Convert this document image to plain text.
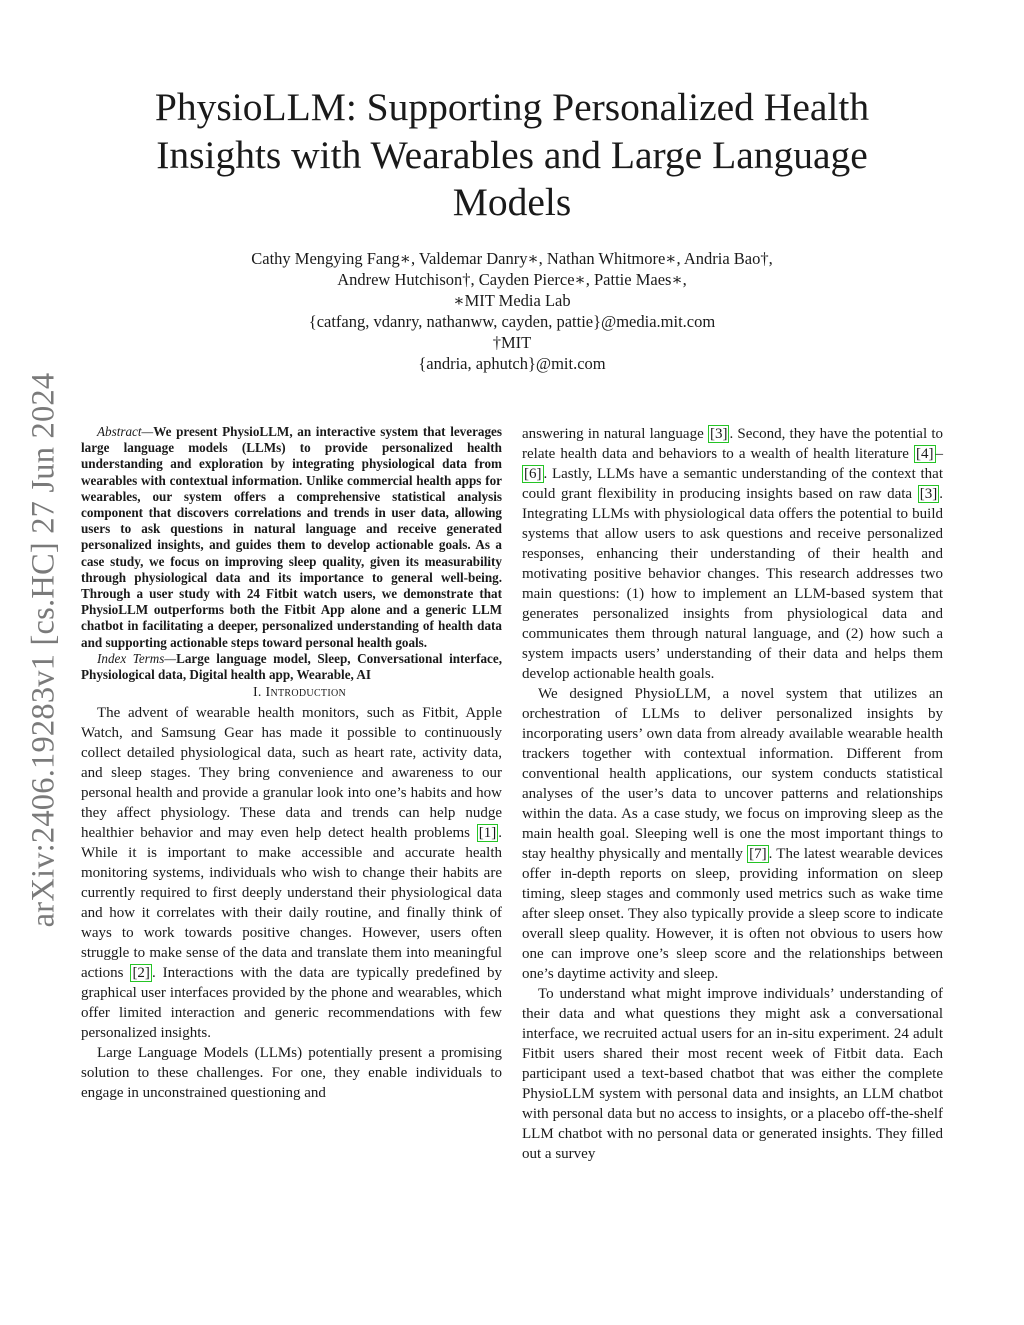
arXiv:2406.19283v1 [cs.HC] 27 Jun 2024
PhysioLLM: Supporting Personalized Health Insights with Wearables and Large Language Models
Cathy Mengying Fang∗, Valdemar Danry∗, Nathan Whitmore∗, Andria Bao†,
Andrew Hutchison†, Cayden Pierce∗, Pattie Maes∗,
∗MIT Media Lab
{catfang, vdanry, nathanww, cayden, pattie}@media.mit.com
†MIT
{andria, aphutch}@mit.com

Abstract—We present PhysioLLM, an interactive system that leverages large language models (LLMs) to provide personalized health understanding and exploration by integrating physiological data from wearables with contextual information. Unlike commercial health apps for wearables, our system offers a comprehensive statistical analysis component that discovers correlations and trends in user data, allowing users to ask questions in natural language and receive generated personalized insights, and guides them to develop actionable goals. As a case study, we focus on improving sleep quality, given its measurability through physiological data and its importance to general well-being. Through a user study with 24 Fitbit watch users, we demonstrate that PhysioLLM outperforms both the Fitbit App alone and a generic LLM chatbot in facilitating a deeper, personalized understanding of health data and supporting actionable steps toward personal health goals.

Index Terms—Large language model, Sleep, Conversational interface, Physiological data, Digital health app, Wearable, AI

I. Introduction

The advent of wearable health monitors, such as Fitbit, Apple Watch, and Samsung Gear has made it possible to continuously collect detailed physiological data, such as heart rate, activity data, and sleep stages. They bring convenience and awareness to our personal health and provide a granular look into one’s habits and how they affect physiology. These data and trends can help nudge healthier behavior and may even help detect health problems [1] . While it is important to make accessible and accurate health monitoring systems, individuals who wish to change their habits are currently required to first deeply understand their physiological data and how it correlates with their daily routine, and finally think of ways to work towards positive changes. However, users often struggle to make sense of the data and translate them into meaningful actions [2] . Interactions with the data are typically predefined by graphical user interfaces provided by the phone and wearables, which offer limited interaction and generic recommendations with few personalized insights.

Large Language Models (LLMs) potentially present a promising solution to these challenges. For one, they enable individuals to engage in unconstrained questioning and

answering in natural language [3] . Second, they have the potential to relate health data and behaviors to a wealth of health literature [4] –[6] . Lastly, LLMs have a semantic understanding of the context that could grant flexibility in producing insights based on raw data [3] . Integrating LLMs with physiological data offers the potential to build systems that allow users to ask questions and receive personalized responses, enhancing their understanding of their health and motivating positive behavior changes. This research addresses two main questions: (1) how to implement an LLM-based system that generates personalized insights from physiological data and communicates them through natural language, and (2) how such a system impacts users’ understanding of their data and helps them develop actionable health goals.

We designed PhysioLLM, a novel system that utilizes an orchestration of LLMs to deliver personalized insights by incorporating users’ own data from already available wearable health trackers together with contextual information. Different from conventional health applications, our system conducts statistical analyses of the user’s data to uncover patterns and relationships within the data. As a case study, we focus on improving sleep as the main health goal. Sleeping well is one the most important things to stay healthy physically and mentally [7] . The latest wearable devices offer in-depth reports on sleep, providing information on sleep timing, sleep stages and commonly used metrics such as wake time after sleep onset. They also typically provide a sleep score to indicate overall sleep quality. However, it is often not obvious to users how one can improve one’s sleep score and the relationships between one’s daytime activity and sleep.

To understand what might improve individuals’ understanding of their data and what questions they might ask a conversational interface, we recruited actual users for an in-situ experiment. 24 adult Fitbit users shared their most recent week of Fitbit data. Each participant used a text-based chatbot that was either the complete PhysioLLM system with personal data and insights, an LLM chatbot with personal data but no access to insights, or a placebo off-the-shelf LLM chatbot with no personal data or generated insights. They filled out a survey
